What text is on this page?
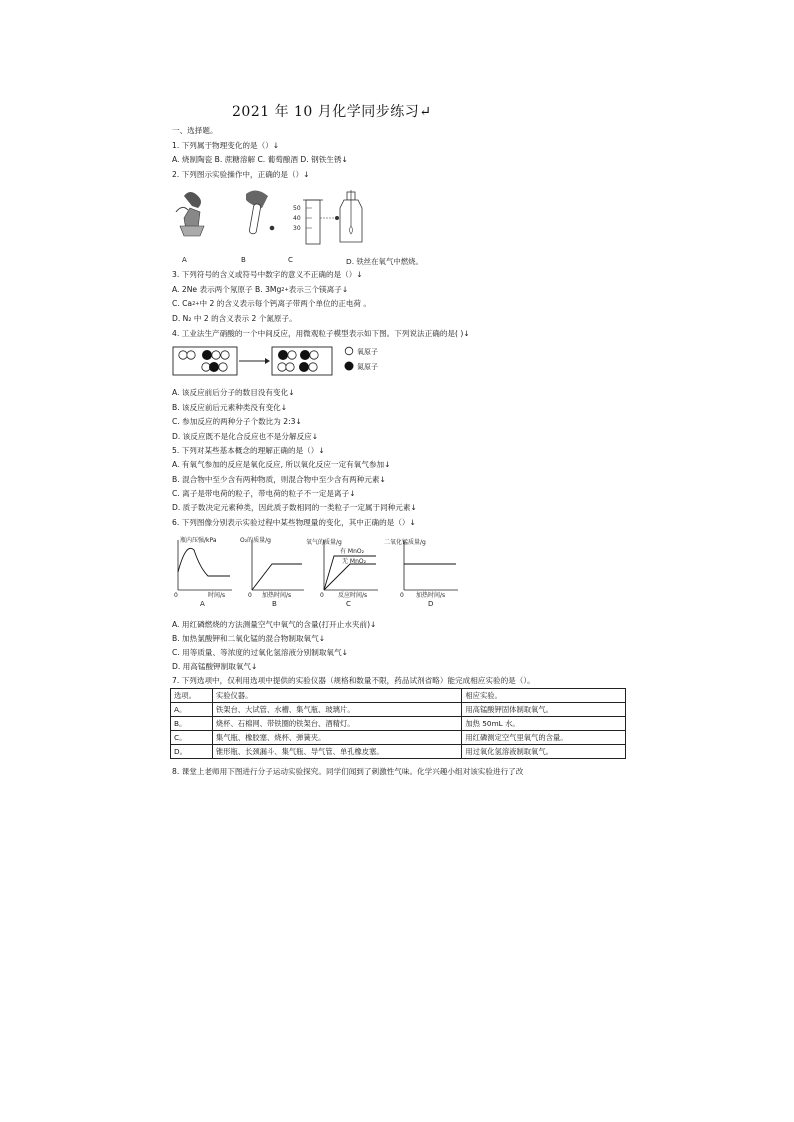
2021 年 10 月化学同步练习↵
一、选择题。
1. 下列属于物理变化的是（）↓
A. 烧制陶瓷 B. 蔗糖溶解 C. 葡萄酿酒 D. 钢铁生锈↓
2. 下列图示实验操作中，正确的是（）↓
50
40
30
A	B	C	D. 铁丝在氧气中燃烧。
3. 下列符号的含义或符号中数字的意义不正确的是（）↓
A. 2Ne 表示两个氖原子 B. $3Mg^{2+}$表示三个镁离子↓
C. $Ca^{2+}$中 2 的含义表示每个钙离子带两个单位的正电荷 。
D. N₂ 中 2 的含义表示 2 个氮原子。
4. 工业法生产硝酸的一个中间反应，用微观粒子模型表示如下图。下列说法正确的是( )↓
氧原子
氮原子
A. 该反应前后分子的数目没有变化↓
B. 该反应前后元素种类没有变化↓
C. 参加反应的两种分子个数比为 2:3↓
D. 该反应既不是化合反应也不是分解反应↓
5. 下列对某些基本概念的理解正确的是（）↓
A. 有氧气参加的反应是氧化反应, 所以氧化反应一定有氧气参加↓
B. 混合物中至少含有两种物质，则混合物中至少含有两种元素↓
C. 离子是带电荷的粒子，带电荷的粒子不一定是离子↓
D. 质子数决定元素种类，因此质子数相同的一类粒子一定属于同种元素↓
6. 下列图像分别表示实验过程中某些物理量的变化，其中正确的是（）↓
瓶内压强/kPa
0	时间/s
A
O₂的质量/g
0 加热时间/s
B
氧气的质量/g
有 MnO₂
无 MnO₂
0 反应时间/s
C
二氧化锰质量/g
0 加热时间/s
D
A. 用红磷燃烧的方法测量空气中氧气的含量(打开止水夹前)↓
B. 加热氯酸钾和二氧化锰的混合物制取氧气↓
C. 用等质量、等浓度的过氧化氢溶液分别制取氧气↓
D. 用高锰酸钾制取氧气↓
7. 下列选项中，仅利用选项中提供的实验仪器（规格和数量不限，药品试剂省略）能完成相应实验的是（）。
选项。	实验仪器。	相应实验。
A。	铁架台、大试管、水槽、集气瓶、玻璃片。	用高锰酸钾固体制取氧气。
B。	烧杯、石棉网、带铁圈的铁架台、酒精灯。	加热 50mL 水。
C。	集气瓶、橡胶塞、烧杯、弹簧夹。	用红磷测定空气里氧气的含量。
D。	锥形瓶、长颈漏斗、集气瓶、导气管、单孔橡皮塞。	用过氧化氢溶液制取氧气。
8. 课堂上老师用下图进行分子运动实验探究。同学们闻到了刺激性气味。化学兴趣小组对该实验进行了改
